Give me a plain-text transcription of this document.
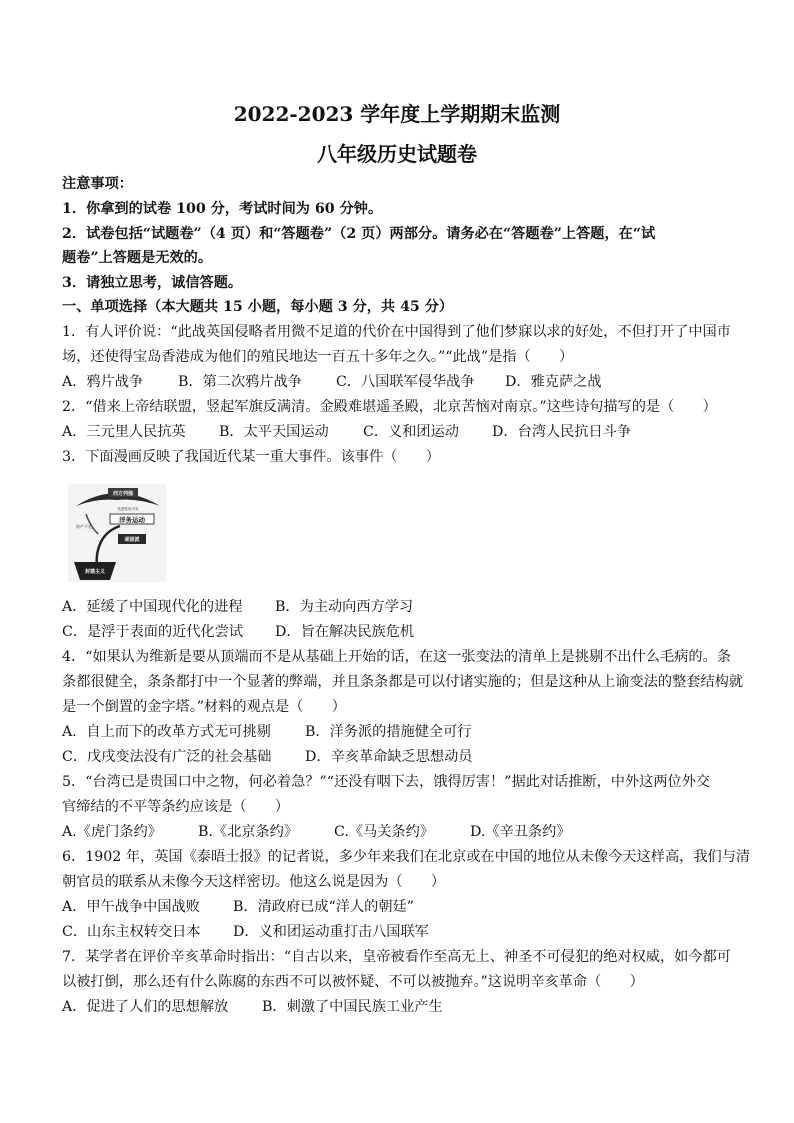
2022-2023 学年度上学期期末监测
八年级历史试题卷
注意事项：
1．你拿到的试卷 100 分，考试时间为 60 分钟。
2．试卷包括“试题卷”（4 页）和“答题卷”（2 页）两部分。请务必在“答题卷”上答题，在“试
题卷”上答题是无效的。
3．请独立思考，诚信答题。
一、单项选择（本大题共 15 小题，每小题 3 分，共 45 分）
1．有人评价说：“此战英国侵略者用微不足道的代价在中国得到了他们梦寐以求的好处，不但打开了中国市
场，还使得宝岛香港成为他们的殖民地达一百五十多年之久。”“此战”是指（　　）
A．鸦片战争 B．第二次鸦片战争 C．八国联军侵华战争 D．雅克萨之战
2．“借来上帝结联盟，竖起军旗反满清。金殿难堪遥圣殿，北京苦恼对南京。”这些诗句描写的是（　　）
A．三元里人民抗英 B．太平天国运动 C．义和团运动 D．台湾人民抗日斗争
3．下面漫画反映了我国近代某一重大事件。该事件（　　）
西方列强
先进性用不足
洋务运动
顽固派
资产不足
封建主义
A．延缓了中国现代化的进程 B．为主动向西方学习
C．是浮于表面的近代化尝试 D．旨在解决民族危机
4．“如果认为维新是要从顶端而不是从基础上开始的话，在这一张变法的清单上是挑剔不出什么毛病的。条
条都很健全，条条都打中一个显著的弊端，并且条条都是可以付诸实施的；但是这种从上谕变法的整套结构就
是一个倒置的金字塔。”材料的观点是（　　）
A．自上而下的改革方式无可挑剔 B．洋务派的措施健全可行
C．戊戌变法没有广泛的社会基础 D．辛亥革命缺乏思想动员
5．“台湾已是贵国口中之物，何必着急？”“还没有咽下去，饿得厉害！”据此对话推断，中外这两位外交
官缔结的不平等条约应该是（　　）
A.《虎门条约》	B.《北京条约》	C.《马关条约》	D.《辛丑条约》
6．1902 年，英国《泰晤士报》的记者说，多少年来我们在北京或在中国的地位从未像今天这样高，我们与清
朝官员的联系从未像今天这样密切。他这么说是因为（　　）
A．甲午战争中国战败 B．清政府已成“洋人的朝廷”
C．山东主权转交日本 D．义和团运动重打击八国联军
7．某学者在评价辛亥革命时指出：“自古以来，皇帝被看作至高无上、神圣不可侵犯的绝对权威，如今都可
以被打倒，那么还有什么陈腐的东西不可以被怀疑、不可以被抛弃。”这说明辛亥革命（　　）
A．促进了人们的思想解放 B．刺激了中国民族工业产生
